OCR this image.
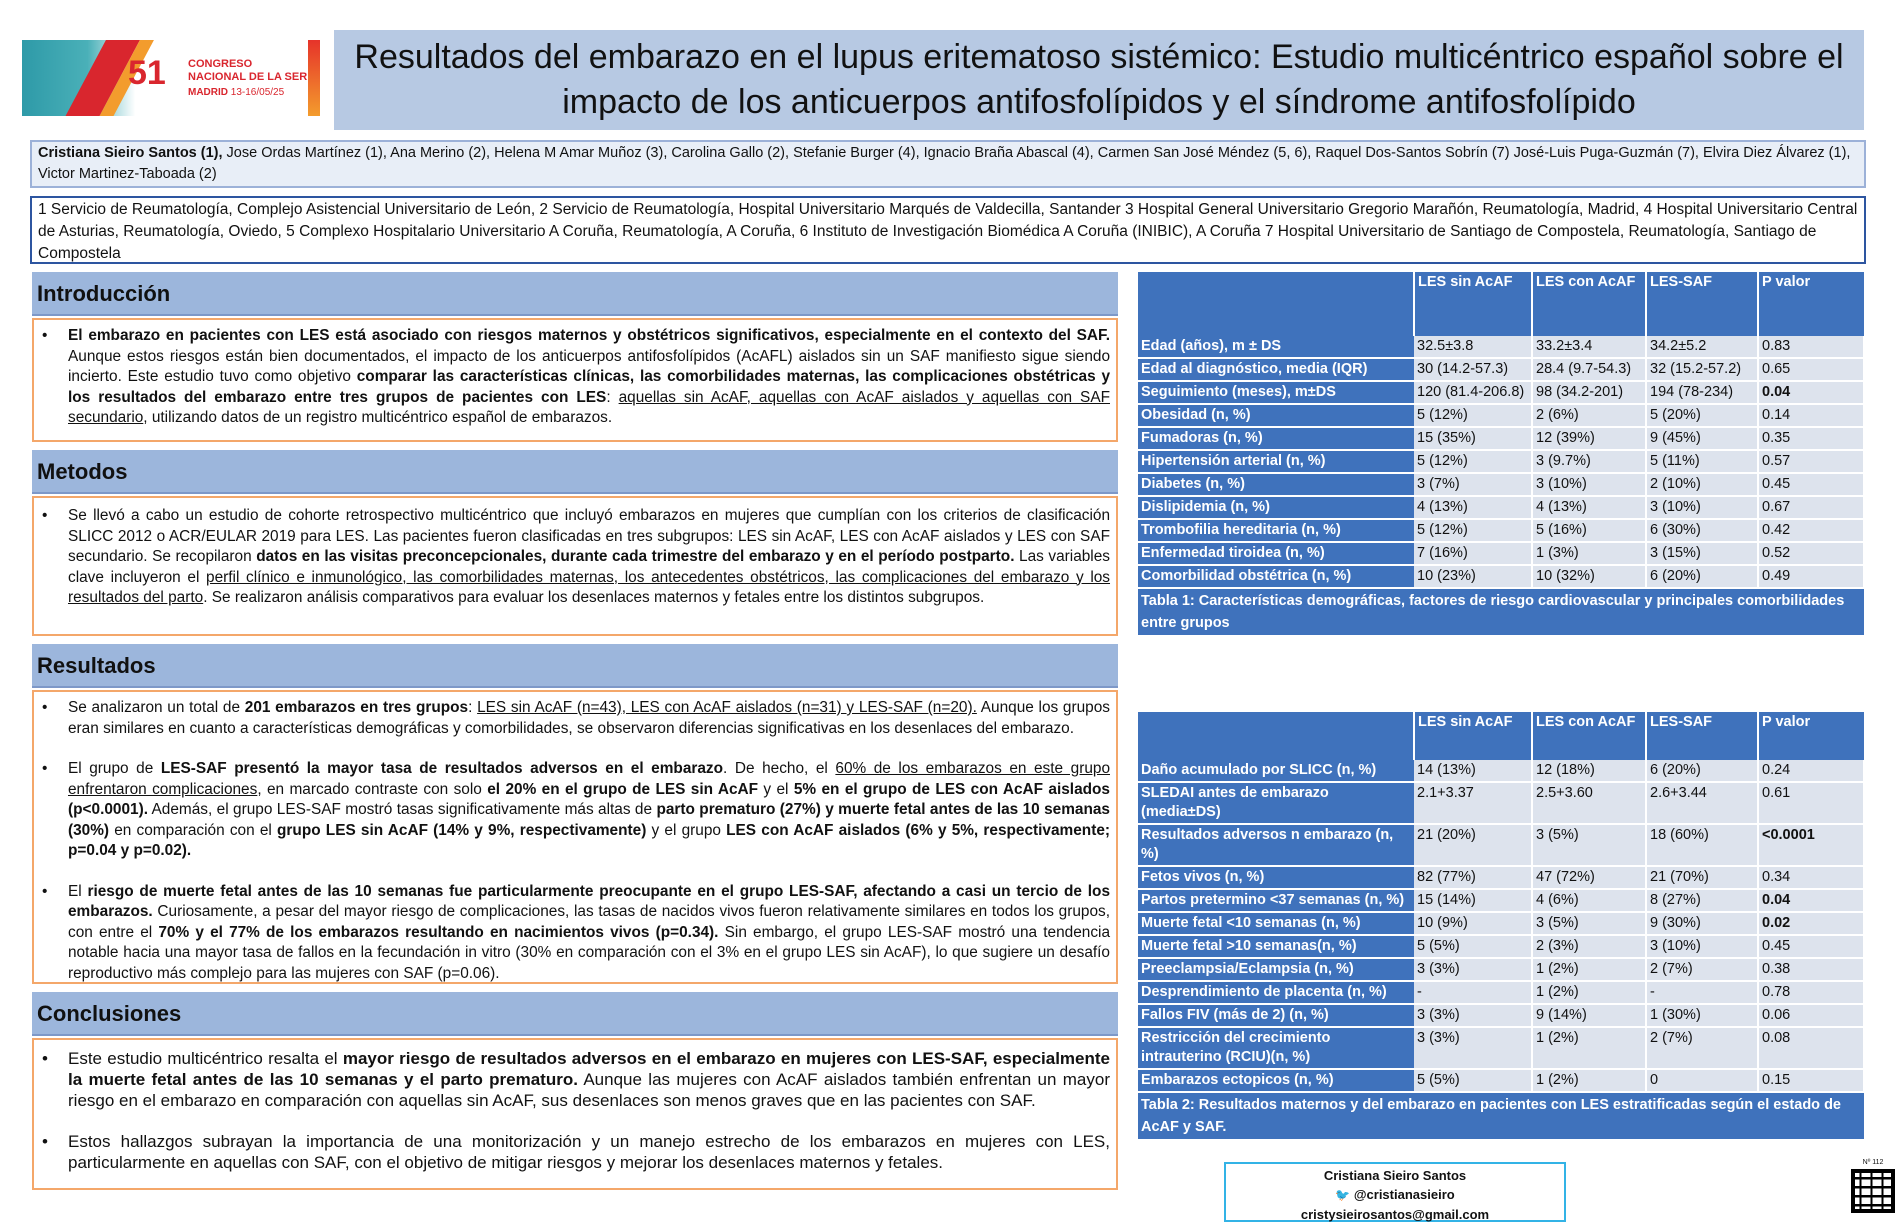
51 CONGRESO
NACIONAL DE LA SER
MADRID 13-16/05/25
Resultados del embarazo en el lupus eritematoso sistémico: Estudio multicéntrico español sobre el impacto de los anticuerpos antifosfolípidos y el síndrome antifosfolípido
Cristiana Sieiro Santos (1), Jose Ordas Martínez (1), Ana Merino (2), Helena M Amar Muñoz (3), Carolina Gallo (2), Stefanie Burger (4), Ignacio Braña Abascal (4), Carmen San José Méndez (5, 6), Raquel Dos-Santos Sobrín (7) José-Luis Puga-Guzmán (7), Elvira Diez Álvarez (1), Victor Martinez-Taboada (2)
1 Servicio de Reumatología, Complejo Asistencial Universitario de León, 2 Servicio de Reumatología, Hospital Universitario Marqués de Valdecilla, Santander 3 Hospital General Universitario Gregorio Marañón, Reumatología, Madrid, 4 Hospital Universitario Central de Asturias, Reumatología, Oviedo, 5 Complexo Hospitalario Universitario A Coruña, Reumatología, A Coruña, 6 Instituto de Investigación Biomédica A Coruña (INIBIC), A Coruña 7 Hospital Universitario de Santiago de Compostela, Reumatología, Santiago de Compostela
Introducción
• El embarazo en pacientes con LES está asociado con riesgos maternos y obstétricos significativos, especialmente en el contexto del SAF. Aunque estos riesgos están bien documentados, el impacto de los anticuerpos antifosfolípidos (AcAFL) aislados sin un SAF manifiesto sigue siendo incierto. Este estudio tuvo como objetivo comparar las características clínicas, las comorbilidades maternas, las complicaciones obstétricas y los resultados del embarazo entre tres grupos de pacientes con LES: aquellas sin AcAF, aquellas con AcAF aislados y aquellas con SAF secundario, utilizando datos de un registro multicéntrico español de embarazos.
Metodos
• Se llevó a cabo un estudio de cohorte retrospectivo multicéntrico que incluyó embarazos en mujeres que cumplían con los criterios de clasificación SLICC 2012 o ACR/EULAR 2019 para LES. Las pacientes fueron clasificadas en tres subgrupos: LES sin AcAF, LES con AcAF aislados y LES con SAF secundario. Se recopilaron datos en las visitas preconcepcionales, durante cada trimestre del embarazo y en el período postparto. Las variables clave incluyeron el perfil clínico e inmunológico, las comorbilidades maternas, los antecedentes obstétricos, las complicaciones del embarazo y los resultados del parto. Se realizaron análisis comparativos para evaluar los desenlaces maternos y fetales entre los distintos subgrupos.
Resultados
• Se analizaron un total de 201 embarazos en tres grupos: LES sin AcAF (n=43), LES con AcAF aislados (n=31) y LES-SAF (n=20). Aunque los grupos eran similares en cuanto a características demográficas y comorbilidades, se observaron diferencias significativas en los desenlaces del embarazo.
• El grupo de LES-SAF presentó la mayor tasa de resultados adversos en el embarazo. De hecho, el 60% de los embarazos en este grupo enfrentaron complicaciones, en marcado contraste con solo el 20% en el grupo de LES sin AcAF y el 5% en el grupo de LES con AcAF aislados (p<0.0001). Además, el grupo LES-SAF mostró tasas significativamente más altas de parto prematuro (27%) y muerte fetal antes de las 10 semanas (30%) en comparación con el grupo LES sin AcAF (14% y 9%, respectivamente) y el grupo LES con AcAF aislados (6% y 5%, respectivamente; p=0.04 y p=0.02).
• El riesgo de muerte fetal antes de las 10 semanas fue particularmente preocupante en el grupo LES-SAF, afectando a casi un tercio de los embarazos. Curiosamente, a pesar del mayor riesgo de complicaciones, las tasas de nacidos vivos fueron relativamente similares en todos los grupos, con entre el 70% y el 77% de los embarazos resultando en nacimientos vivos (p=0.34). Sin embargo, el grupo LES-SAF mostró una tendencia notable hacia una mayor tasa de fallos en la fecundación in vitro (30% en comparación con el 3% en el grupo LES sin AcAF), lo que sugiere un desafío reproductivo más complejo para las mujeres con SAF (p=0.06).
Conclusiones
• Este estudio multicéntrico resalta el mayor riesgo de resultados adversos en el embarazo en mujeres con LES-SAF, especialmente la muerte fetal antes de las 10 semanas y el parto prematuro. Aunque las mujeres con AcAF aislados también enfrentan un mayor riesgo en el embarazo en comparación con aquellas sin AcAF, sus desenlaces son menos graves que en las pacientes con SAF.
• Estos hallazgos subrayan la importancia de una monitorización y un manejo estrecho de los embarazos en mujeres con LES, particularmente en aquellas con SAF, con el objetivo de mitigar riesgos y mejorar los desenlaces maternos y fetales.
	LES sin AcAF	LES con AcAF	LES-SAF	P valor
Edad (años), m ± DS	32.5±3.8	33.2±3.4	34.2±5.2	0.83
Edad al diagnóstico, media (IQR)	30 (14.2-57.3)	28.4 (9.7-54.3)	32 (15.2-57.2)	0.65
Seguimiento (meses), m±DS	120 (81.4-206.8)	98 (34.2-201)	194 (78-234)	0.04
Obesidad (n, %)	5 (12%)	2 (6%)	5 (20%)	0.14
Fumadoras (n, %)	15 (35%)	12 (39%)	9 (45%)	0.35
Hipertensión arterial (n, %)	5 (12%)	3 (9.7%)	5 (11%)	0.57
Diabetes (n, %)	3 (7%)	3 (10%)	2 (10%)	0.45
Dislipidemia (n, %)	4 (13%)	4 (13%)	3 (10%)	0.67
Trombofilia hereditaria (n, %)	5 (12%)	5 (16%)	6 (30%)	0.42
Enfermedad tiroidea (n, %)	7 (16%)	1 (3%)	3 (15%)	0.52
Comorbilidad obstétrica (n, %)	10 (23%)	10 (32%)	6 (20%)	0.49
Tabla 1: Características demográficas, factores de riesgo cardiovascular y principales comorbilidades entre grupos				
	LES sin AcAF	LES con AcAF	LES-SAF	P valor
Daño acumulado por SLICC (n, %)	14 (13%)	12 (18%)	6 (20%)	0.24
SLEDAI antes de embarazo (media±DS)	2.1+3.37	2.5+3.60	2.6+3.44	0.61
Resultados adversos n embarazo (n, %)	21 (20%)	3 (5%)	18 (60%)	<0.0001
Fetos vivos (n, %)	82 (77%)	47 (72%)	21 (70%)	0.34
Partos pretermino <37 semanas (n, %)	15 (14%)	4 (6%)	8 (27%)	0.04
Muerte fetal <10 semanas (n, %)	10 (9%)	3 (5%)	9 (30%)	0.02
Muerte fetal >10 semanas(n, %)	5 (5%)	2 (3%)	3 (10%)	0.45
Preeclampsia/Eclampsia (n, %)	3 (3%)	1 (2%)	2 (7%)	0.38
Desprendimiento de placenta (n, %)	-	1 (2%)	-	0.78
Fallos FIV (más de 2) (n, %)	3 (3%)	9 (14%)	1 (30%)	0.06
Restricción del crecimiento intrauterino (RCIU)(n, %)	3 (3%)	1 (2%)	2 (7%)	0.08
Embarazos ectopicos (n, %)	5 (5%)	1 (2%)	0	0.15
Tabla 2: Resultados maternos y del embarazo en pacientes con LES estratificadas según el estado de AcAF y SAF.				
Cristiana Sieiro Santos
🐦 @cristianasieiro
cristysieirosantos@gmail.com
Nº 112
